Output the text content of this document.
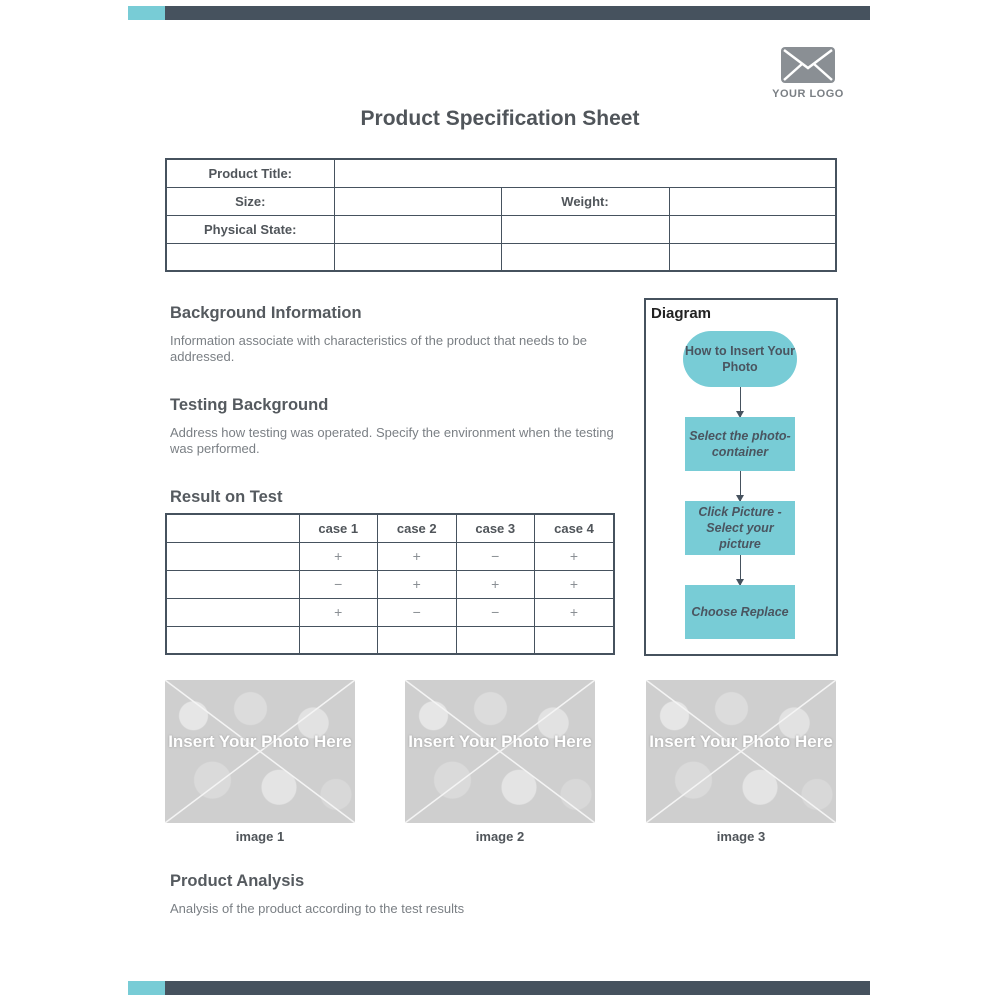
YOUR LOGO
Product Specification Sheet
Product Title:			
Size:		Weight:	
Physical State:			

Background Information
Information associate with characteristics of the product that needs to be addressed.
Testing Background
Address how testing was operated. Specify the environment when the testing was performed.
Result on Test
	case 1	case 2	case 3	case 4
	+	+	−	+
	−	+	+	+
	+	−	−	+

Diagram
How to Insert Your Photo
Select the photo-container
Click Picture - Select your picture
Choose Replace
Insert Your Photo Here
image 1
Insert Your Photo Here
image 2
Insert Your Photo Here
image 3
Product Analysis
Analysis of the product according to the test results
